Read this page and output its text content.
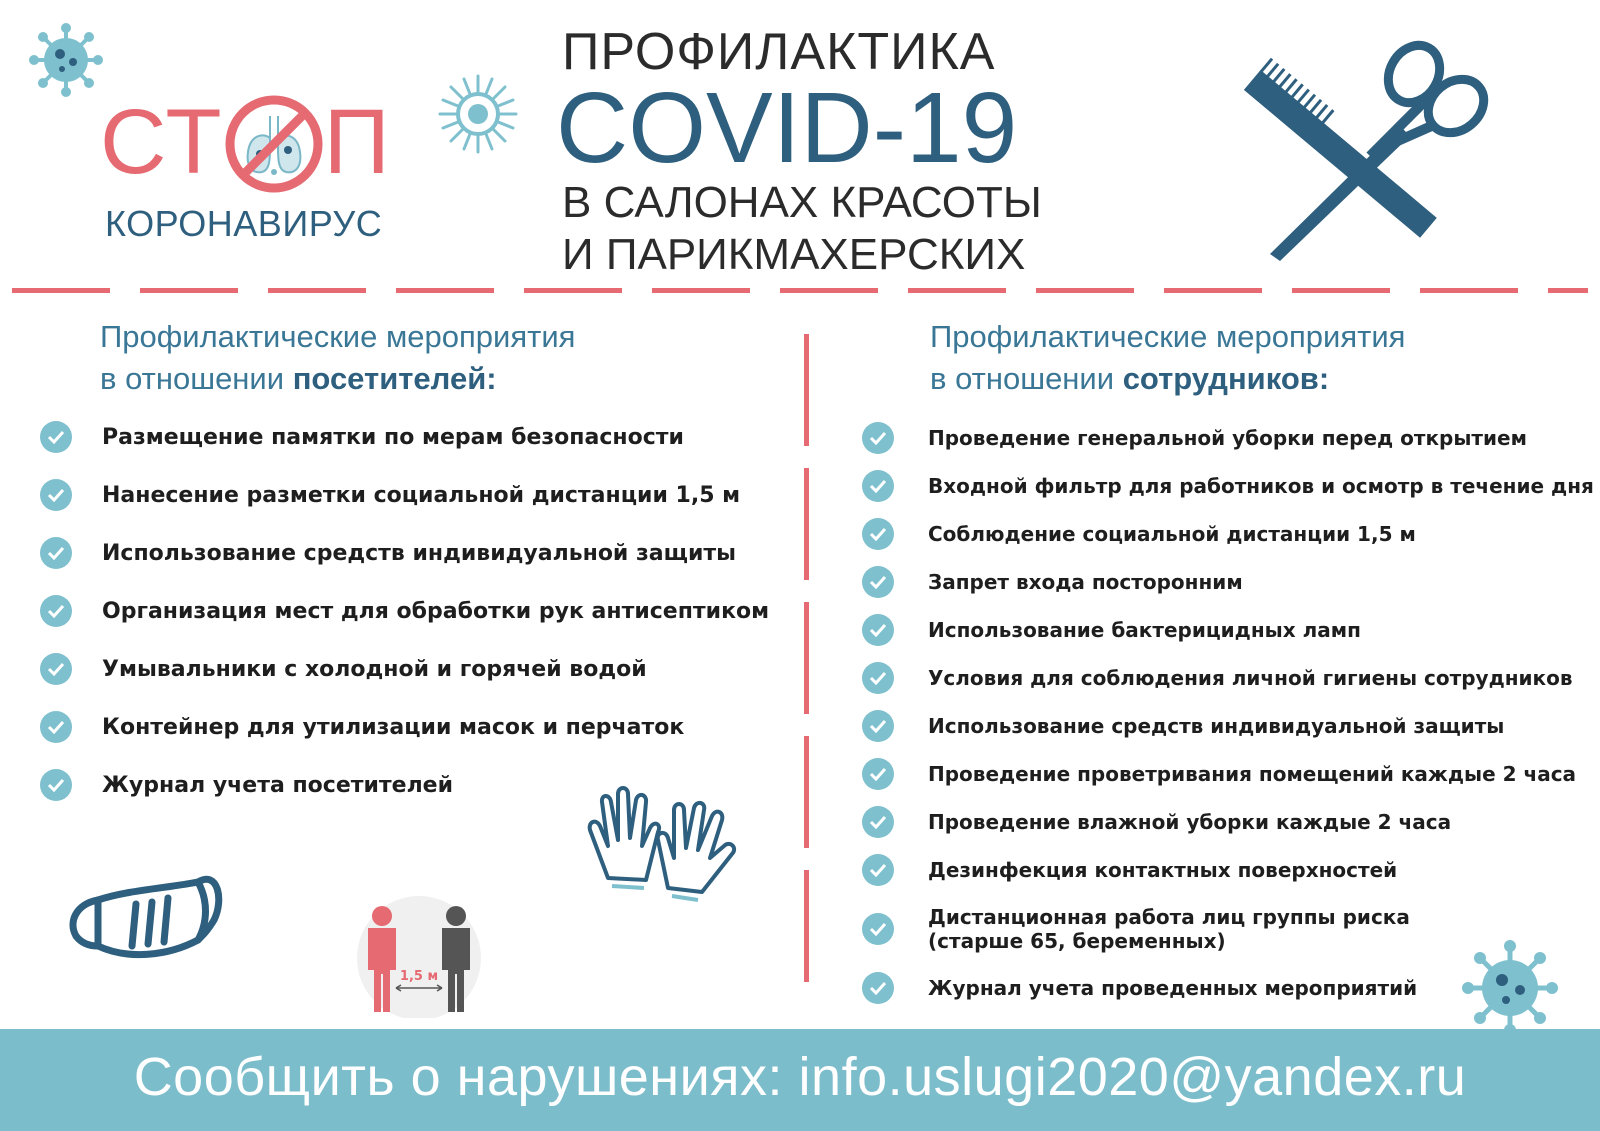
ПРОФИЛАКТИКА
COVID-19
В САЛОНАХ КРАСОТЫ
И ПАРИКМАХЕРСКИХ
СТ П
КОРОНАВИРУС
Профилактические мероприятия
в отношении посетителей:
Размещение памятки по мерам безопасности
Нанесение разметки социальной дистанции 1,5 м
Использование средств индивидуальной защиты
Организация мест для обработки рук антисептиком
Умывальники с холодной и горячей водой
Контейнер для утилизации масок и перчаток
Журнал учета посетителей
1,5 м
Профилактические мероприятия
в отношении сотрудников:
Проведение генеральной уборки перед открытием
Входной фильтр для работников и осмотр в течение дня
Соблюдение социальной дистанции 1,5 м
Запрет входа посторонним
Использование бактерицидных ламп
Условия для соблюдения личной гигиены сотрудников
Использование средств индивидуальной защиты
Проведение проветривания помещений каждые 2 часа
Проведение влажной уборки каждые 2 часа
Дезинфекция контактных поверхностей
Дистанционная работа лиц группы риска
(старше 65, беременных)
Журнал учета проведенных мероприятий
Сообщить о нарушениях: info.uslugi2020@yandex.ru
